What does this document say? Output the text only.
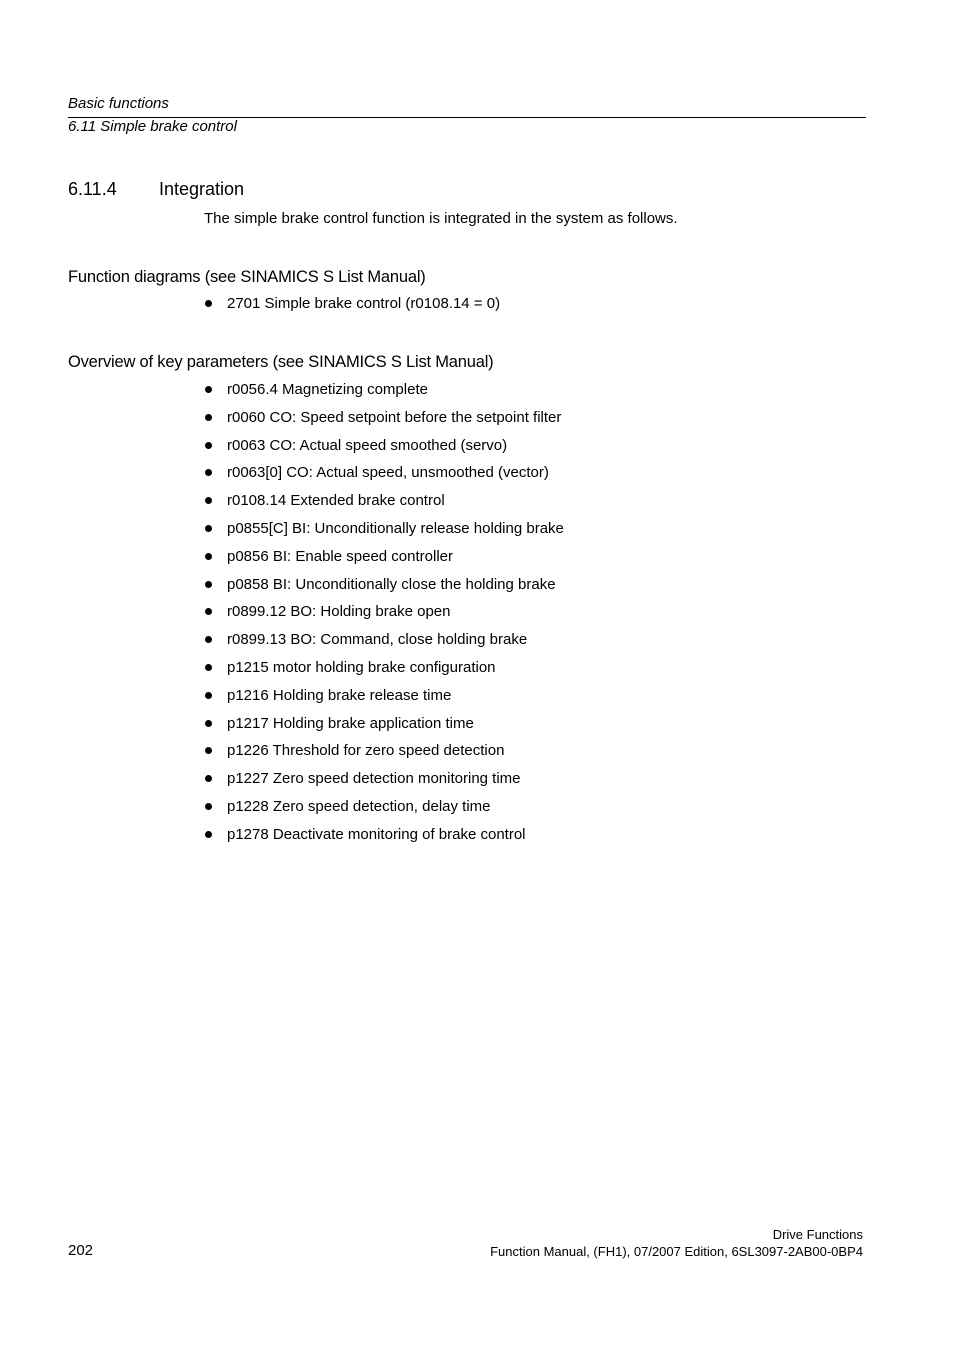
Basic functions
6.11 Simple brake control
6.11.4 Integration
The simple brake control function is integrated in the system as follows.
Function diagrams (see SINAMICS S List Manual)
2701 Simple brake control (r0108.14 = 0)
Overview of key parameters (see SINAMICS S List Manual)
r0056.4 Magnetizing complete
r0060 CO: Speed setpoint before the setpoint filter
r0063 CO: Actual speed smoothed (servo)
r0063[0] CO: Actual speed, unsmoothed (vector)
r0108.14 Extended brake control
p0855[C] BI: Unconditionally release holding brake
p0856 BI: Enable speed controller
p0858 BI: Unconditionally close the holding brake
r0899.12 BO: Holding brake open
r0899.13 BO: Command, close holding brake
p1215 motor holding brake configuration
p1216 Holding brake release time
p1217 Holding brake application time
p1226 Threshold for zero speed detection
p1227 Zero speed detection monitoring time
p1228 Zero speed detection, delay time
p1278 Deactivate monitoring of brake control
Drive Functions
202	Function Manual, (FH1), 07/2007 Edition, 6SL3097-2AB00-0BP4
